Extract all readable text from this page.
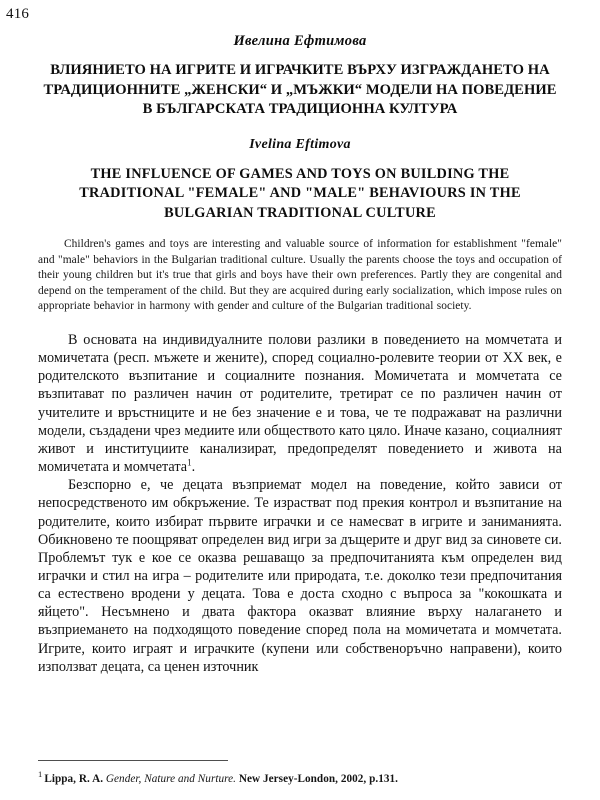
416
Ивелина Ефтимова
ВЛИЯНИЕТО НА ИГРИТЕ И ИГРАЧКИТЕ ВЪРХУ ИЗГРАЖДАНЕТО НА ТРАДИЦИОННИТЕ „ЖЕНСКИ“ И „МЪЖКИ“ МОДЕЛИ НА ПОВЕДЕНИЕ В БЪЛГАРСКАТА ТРАДИЦИОННА КУЛТУРА
Ivelina Eftimova
THE INFLUENCE OF GAMES AND TOYS ON BUILDING THE TRADITIONAL "FEMALE" AND "MALE" BEHAVIOURS IN THE BULGARIAN TRADITIONAL CULTURE
Children's games and toys are interesting and valuable source of information for establishment "female" and "male" behaviors in the Bulgarian traditional culture. Usually the parents choose the toys and occupation of their young children but it's true that girls and boys have their own preferences. Partly they are congenital and depend on the temperament of the child. But they are acquired during early socialization, which impose rules on appropriate behavior in harmony with gender and culture of the Bulgarian traditional society.

В основата на индивидуалните полови разлики в поведението на момчетата и момичетата (респ. мъжете и жените), според социално-ролевите теории от XX век, е родителското възпитание и социалните познания. Момичетата и момчетата се възпитават по различен начин от родителите, третират се по различен начин от учителите и връстниците и не без значение е и това, че те подражават на различни модели, създадени чрез медиите или обществото като цяло. Иначе казано, социалният живот и институциите канализират, предопределят поведението и живота на момичетата и момчетата$^1$.

Безспорно е, че децата възприемат модел на поведение, който зависи от непосредственото им обкръжение. Те израстват под прекия контрол и възпитание на родителите, които избират първите играчки и се намесват в игрите и заниманията. Обикновено те поощряват определен вид игри за дъщерите и друг вид за синовете си. Проблемът тук е кое се оказва решаващо за предпочитанията към определен вид играчки и стил на игра – родителите или природата, т.е. доколко тези предпочитания са естествено вродени у децата. Това е доста сходно с въпроса за "кокошката и яйцето". Несъмнено и двата фактора оказват влияние върху налагането и възприемането на подходящото поведение според пола на момичетата и момчетата. Игрите, които играят и играчките (купени или собственоръчно направени), които използват децата, са ценен източник

$^1$ Lippa, R. A. Gender, Nature and Nurture. New Jersey-London, 2002, p.131.
